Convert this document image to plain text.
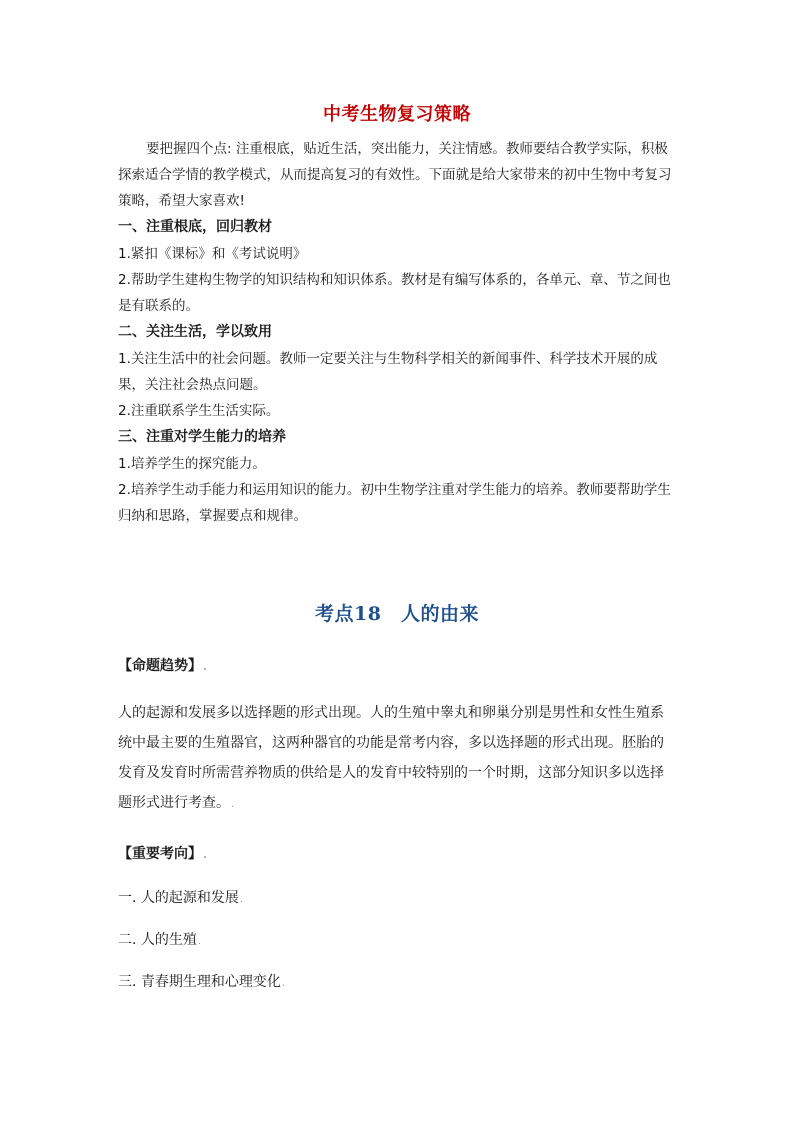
中考生物复习策略

要把握四个点: 注重根底，贴近生活，突出能力，关注情感。教师要结合教学实际，积极探索适合学情的教学模式，从而提高复习的有效性。下面就是给大家带来的初中生物中考复习策略，希望大家喜欢!

一、注重根底，回归教材

1.紧扣《课标》和《考试说明》

2.帮助学生建构生物学的知识结构和知识体系。教材是有编写体系的，各单元、章、节之间也是有联系的。

二、关注生活，学以致用

1.关注生活中的社会问题。教师一定要关注与生物科学相关的新闻事件、科学技术开展的成果，关注社会热点问题。

2.注重联系学生生活实际。

三、注重对学生能力的培养

1.培养学生的探究能力。

2.培养学生动手能力和运用知识的能力。初中生物学注重对学生能力的培养。教师要帮助学生归纳和思路，掌握要点和规律。

考点18　人的由来

【命题趋势】.

人的起源和发展多以选择题的形式出现。人的生殖中睾丸和卵巢分别是男性和女性生殖系统中最主要的生殖器官，这两种器官的功能是常考内容，多以选择题的形式出现。胚胎的发育及发育时所需营养物质的供给是人的发育中较特别的一个时期，这部分知识多以选择题形式进行考查。.

【重要考向】.

一. 人的起源和发展.

二. 人的生殖.

三. 青春期生理和心理变化.
